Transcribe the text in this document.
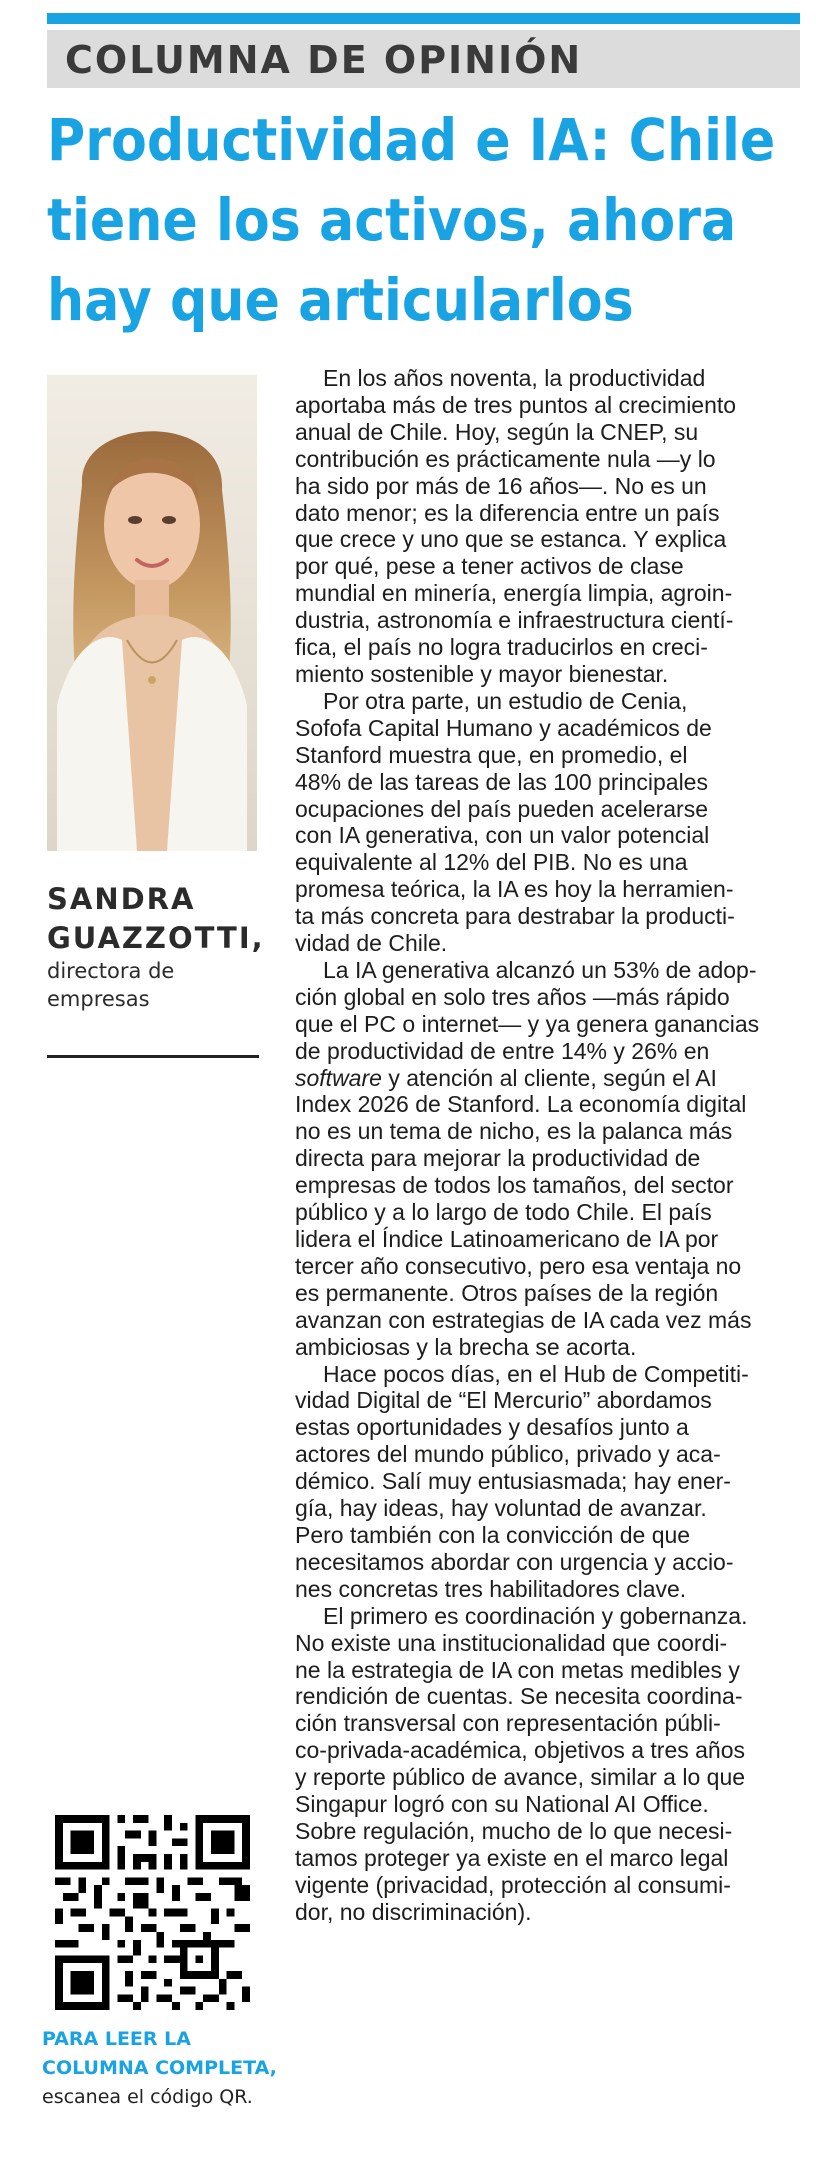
COLUMNA DE OPINIÓN
Productividad e IA: Chile
tiene los activos, ahora
hay que articularlos
SANDRA
GUAZZOTTI,
directora de
empresas
PARA LEER LA
COLUMNA COMPLETA,
escanea el código QR.

En los años noventa, la productividad
aportaba más de tres puntos al crecimiento
anual de Chile. Hoy, según la CNEP, su
contribución es prácticamente nula —y lo
ha sido por más de 16 años—. No es un
dato menor; es la diferencia entre un país
que crece y uno que se estanca. Y explica
por qué, pese a tener activos de clase
mundial en minería, energía limpia, agroin-
dustria, astronomía e infraestructura cientí-
fica, el país no logra traducirlos en creci-
miento sostenible y mayor bienestar.

Por otra parte, un estudio de Cenia,
Sofofa Capital Humano y académicos de
Stanford muestra que, en promedio, el
48% de las tareas de las 100 principales
ocupaciones del país pueden acelerarse
con IA generativa, con un valor potencial
equivalente al 12% del PIB. No es una
promesa teórica, la IA es hoy la herramien-
ta más concreta para destrabar la producti-
vidad de Chile.

La IA generativa alcanzó un 53% de adop-
ción global en solo tres años —más rápido
que el PC o internet— y ya genera ganancias
de productividad de entre 14% y 26% en
software y atención al cliente, según el AI
Index 2026 de Stanford. La economía digital
no es un tema de nicho, es la palanca más
directa para mejorar la productividad de
empresas de todos los tamaños, del sector
público y a lo largo de todo Chile. El país
lidera el Índice Latinoamericano de IA por
tercer año consecutivo, pero esa ventaja no
es permanente. Otros países de la región
avanzan con estrategias de IA cada vez más
ambiciosas y la brecha se acorta.

Hace pocos días, en el Hub de Competiti-
vidad Digital de “El Mercurio” abordamos
estas oportunidades y desafíos junto a
actores del mundo público, privado y aca-
démico. Salí muy entusiasmada; hay ener-
gía, hay ideas, hay voluntad de avanzar.
Pero también con la convicción de que
necesitamos abordar con urgencia y accio-
nes concretas tres habilitadores clave.

El primero es coordinación y gobernanza.
No existe una institucionalidad que coordi-
ne la estrategia de IA con metas medibles y
rendición de cuentas. Se necesita coordina-
ción transversal con representación públi-
co-privada-académica, objetivos a tres años
y reporte público de avance, similar a lo que
Singapur logró con su National AI Office.
Sobre regulación, mucho de lo que necesi-
tamos proteger ya existe en el marco legal
vigente (privacidad, protección al consumi-
dor, no discriminación).
